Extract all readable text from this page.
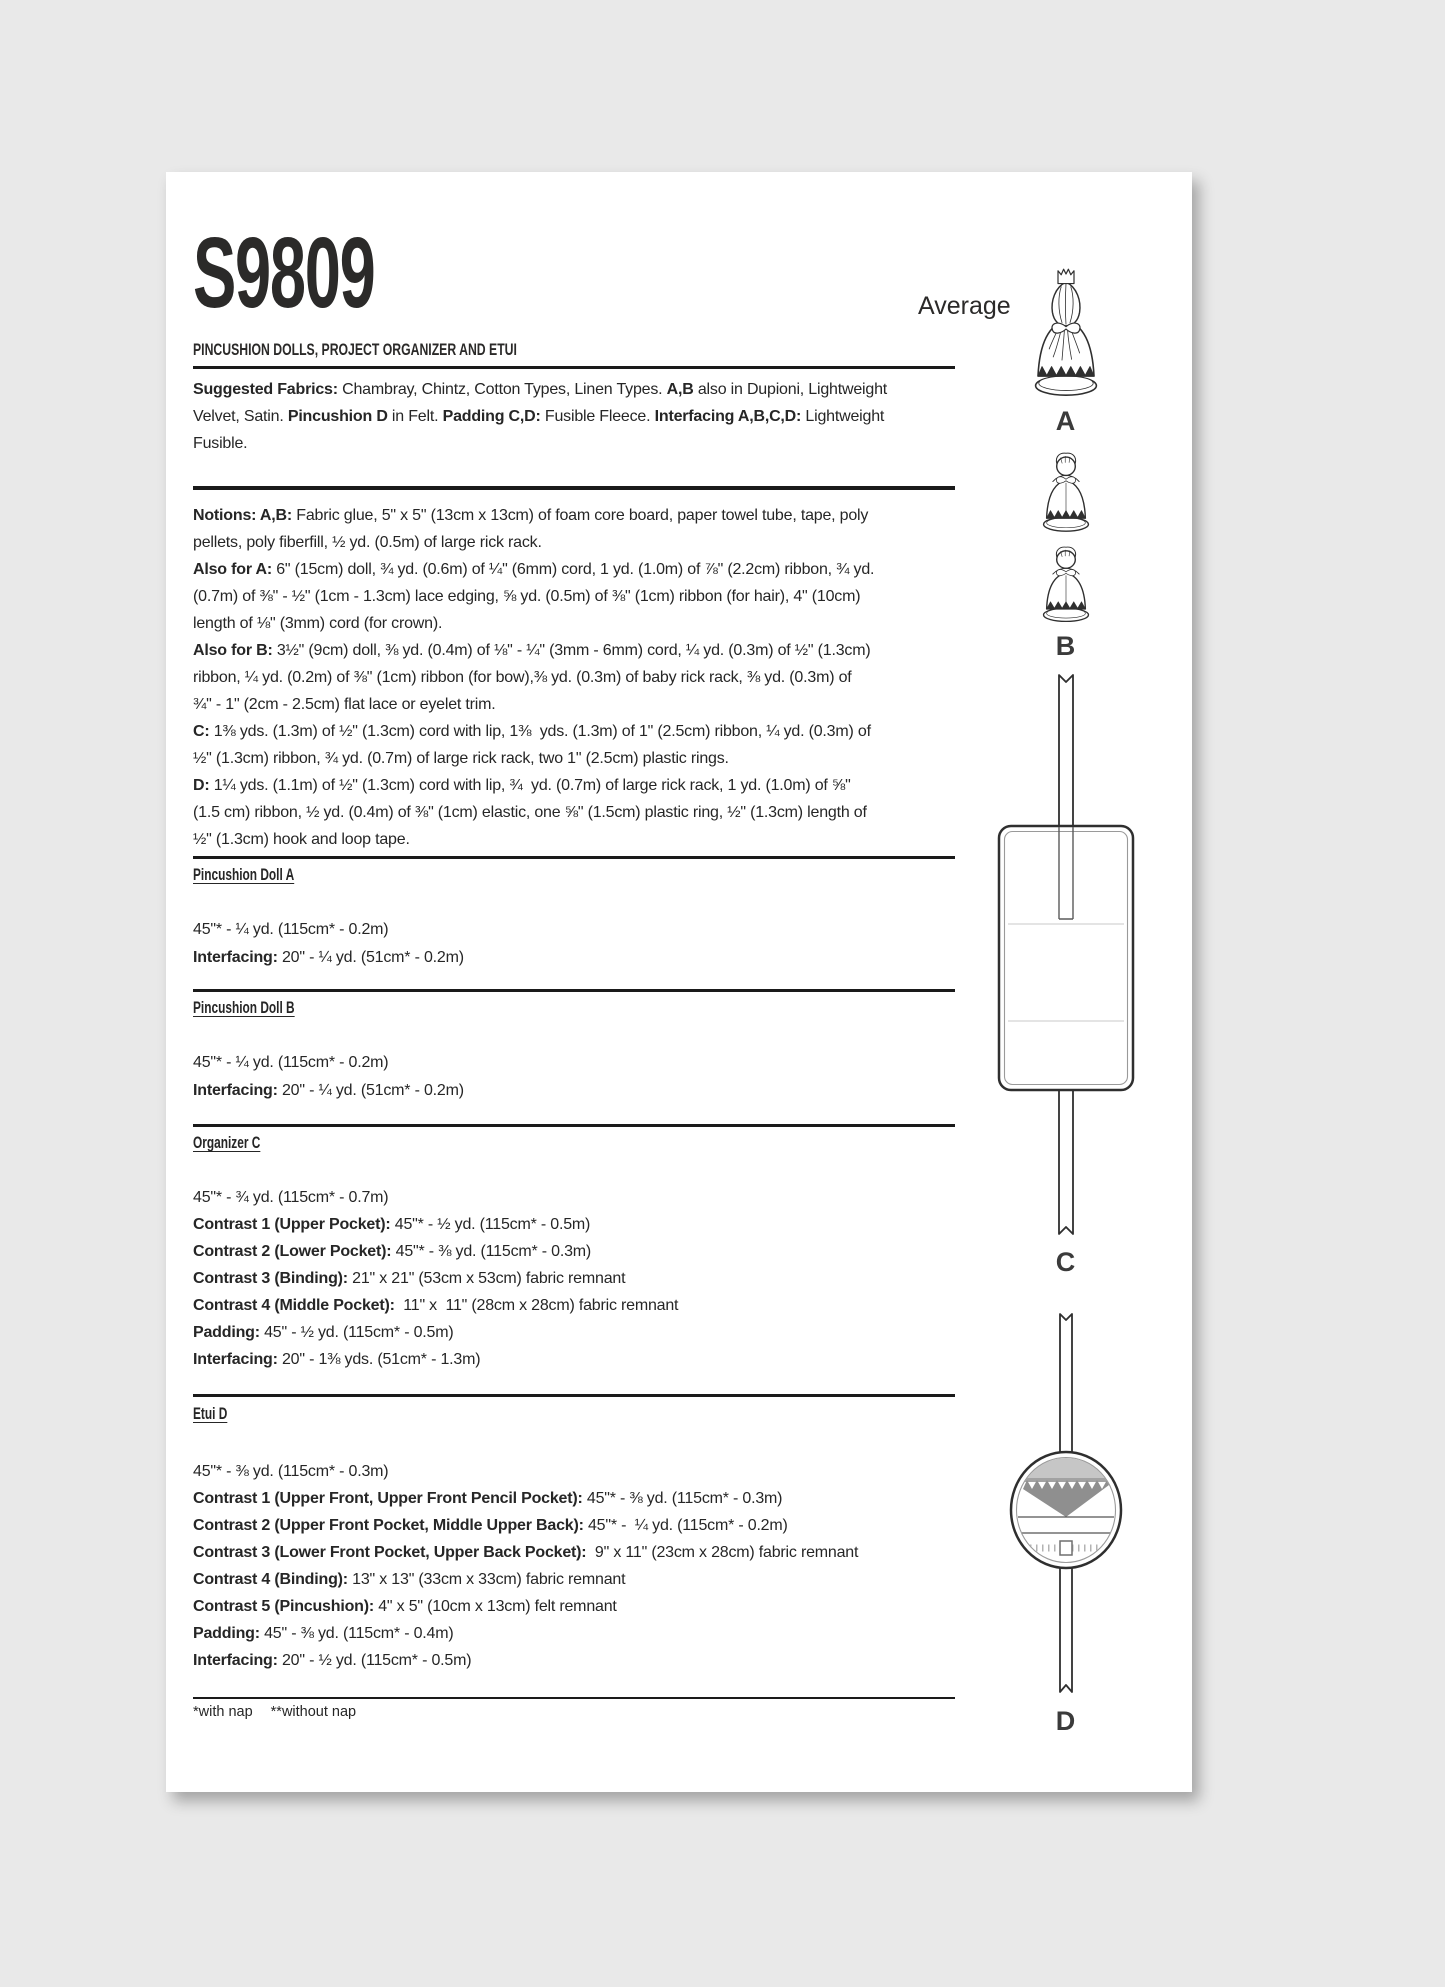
S9809	Average
PINCUSHION DOLLS, PROJECT ORGANIZER AND ETUI
Suggested Fabrics: Chambray, Chintz, Cotton Types, Linen Types. A,B also in Dupioni, Lightweight
Velvet, Satin. Pincushion D in Felt. Padding C,D: Fusible Fleece. Interfacing A,B,C,D: Lightweight
Fusible.
Notions: A,B: Fabric glue, 5" x 5" (13cm x 13cm) of foam core board, paper towel tube, tape, poly
pellets, poly fiberfill, ½ yd. (0.5m) of large rick rack.
Also for A: 6" (15cm) doll, ¾ yd. (0.6m) of ¼" (6mm) cord, 1 yd. (1.0m) of ⅞" (2.2cm) ribbon, ¾ yd.
(0.7m) of ⅜" - ½" (1cm - 1.3cm) lace edging, ⅝ yd. (0.5m) of ⅜" (1cm) ribbon (for hair), 4" (10cm)
length of ⅛" (3mm) cord (for crown).
Also for B: 3½" (9cm) doll, ⅜ yd. (0.4m) of ⅛" - ¼" (3mm - 6mm) cord, ¼ yd. (0.3m) of ½" (1.3cm)
ribbon, ¼ yd. (0.2m) of ⅜" (1cm) ribbon (for bow),⅜ yd. (0.3m) of baby rick rack, ⅜ yd. (0.3m) of
¾" - 1" (2cm - 2.5cm) flat lace or eyelet trim.
C: 1⅜ yds. (1.3m) of ½" (1.3cm) cord with lip, 1⅜  yds. (1.3m) of 1" (2.5cm) ribbon, ¼ yd. (0.3m) of
½" (1.3cm) ribbon, ¾ yd. (0.7m) of large rick rack, two 1" (2.5cm) plastic rings.
D: 1¼ yds. (1.1m) of ½" (1.3cm) cord with lip, ¾  yd. (0.7m) of large rick rack, 1 yd. (1.0m) of ⅝"
(1.5 cm) ribbon, ½ yd. (0.4m) of ⅜" (1cm) elastic, one ⅝" (1.5cm) plastic ring, ½" (1.3cm) length of
½" (1.3cm) hook and loop tape.
Pincushion Doll A
45"* - ¼ yd. (115cm* - 0.2m)
Interfacing: 20" - ¼ yd. (51cm* - 0.2m)
Pincushion Doll B
45"* - ¼ yd. (115cm* - 0.2m)
Interfacing: 20" - ¼ yd. (51cm* - 0.2m)
Organizer C
45"* - ¾ yd. (115cm* - 0.7m)
Contrast 1 (Upper Pocket): 45"* - ½ yd. (115cm* - 0.5m)
Contrast 2 (Lower Pocket): 45"* - ⅜ yd. (115cm* - 0.3m)
Contrast 3 (Binding): 21" x 21" (53cm x 53cm) fabric remnant
Contrast 4 (Middle Pocket):  11" x  11" (28cm x 28cm) fabric remnant
Padding: 45" - ½ yd. (115cm* - 0.5m)
Interfacing: 20" - 1⅜ yds. (51cm* - 1.3m)
Etui D
45"* - ⅜ yd. (115cm* - 0.3m)
Contrast 1 (Upper Front, Upper Front Pencil Pocket): 45"* - ⅜ yd. (115cm* - 0.3m)
Contrast 2 (Upper Front Pocket, Middle Upper Back): 45"* -  ¼ yd. (115cm* - 0.2m)
Contrast 3 (Lower Front Pocket, Upper Back Pocket):  9" x 11" (23cm x 28cm) fabric remnant
Contrast 4 (Binding): 13" x 13" (33cm x 33cm) fabric remnant
Contrast 5 (Pincushion): 4" x 5" (10cm x 13cm) felt remnant
Padding: 45" - ⅜ yd. (115cm* - 0.4m)
Interfacing: 20" - ½ yd. (115cm* - 0.5m)
*with nap **without nap
A
B
C
D
